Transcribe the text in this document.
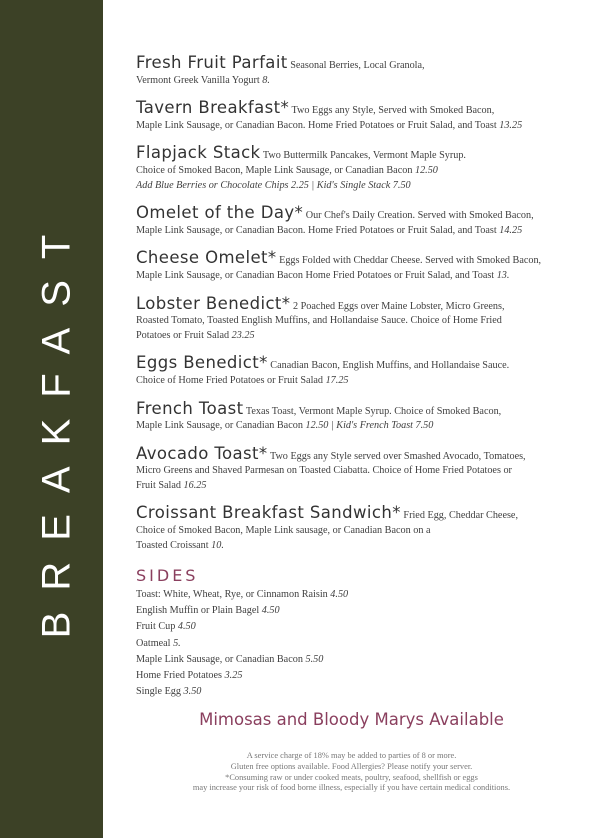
BREAKFAST
Fresh Fruit Parfait Seasonal Berries, Local Granola,
Vermont Greek Vanilla Yogurt 8.
Tavern Breakfast* Two Eggs any Style, Served with Smoked Bacon,
Maple Link Sausage, or Canadian Bacon. Home Fried Potatoes or Fruit Salad, and Toast 13.25
Flapjack Stack Two Buttermilk Pancakes, Vermont Maple Syrup.
Choice of Smoked Bacon, Maple Link Sausage, or Canadian Bacon 12.50
Add Blue Berries or Chocolate Chips 2.25 | Kid's Single Stack 7.50
Omelet of the Day* Our Chef's Daily Creation. Served with Smoked Bacon,
Maple Link Sausage, or Canadian Bacon. Home Fried Potatoes or Fruit Salad, and Toast 14.25
Cheese Omelet* Eggs Folded with Cheddar Cheese. Served with Smoked Bacon,
Maple Link Sausage, or Canadian Bacon Home Fried Potatoes or Fruit Salad, and Toast 13.
Lobster Benedict* 2 Poached Eggs over Maine Lobster, Micro Greens,
Roasted Tomato, Toasted English Muffins, and Hollandaise Sauce. Choice of Home Fried
Potatoes or Fruit Salad 23.25
Eggs Benedict* Canadian Bacon, English Muffins, and Hollandaise Sauce.
Choice of Home Fried Potatoes or Fruit Salad 17.25
French Toast Texas Toast, Vermont Maple Syrup. Choice of Smoked Bacon,
Maple Link Sausage, or Canadian Bacon 12.50 | Kid's French Toast 7.50
Avocado Toast* Two Eggs any Style served over Smashed Avocado, Tomatoes,
Micro Greens and Shaved Parmesan on Toasted Ciabatta. Choice of Home Fried Potatoes or
Fruit Salad 16.25
Croissant Breakfast Sandwich* Fried Egg, Cheddar Cheese,
Choice of Smoked Bacon, Maple Link sausage, or Canadian Bacon on a
Toasted Croissant 10.
SIDES
Toast: White, Wheat, Rye, or Cinnamon Raisin 4.50
English Muffin or Plain Bagel 4.50
Fruit Cup 4.50
Oatmeal 5.
Maple Link Sausage, or Canadian Bacon 5.50
Home Fried Potatoes 3.25
Single Egg 3.50
Mimosas and Bloody Marys Available
A service charge of 18% may be added to parties of 8 or more.
Gluten free options available. Food Allergies? Please notify your server.
*Consuming raw or under cooked meats, poultry, seafood, shellfish or eggs
may increase your risk of food borne illness, especially if you have certain medical conditions.
